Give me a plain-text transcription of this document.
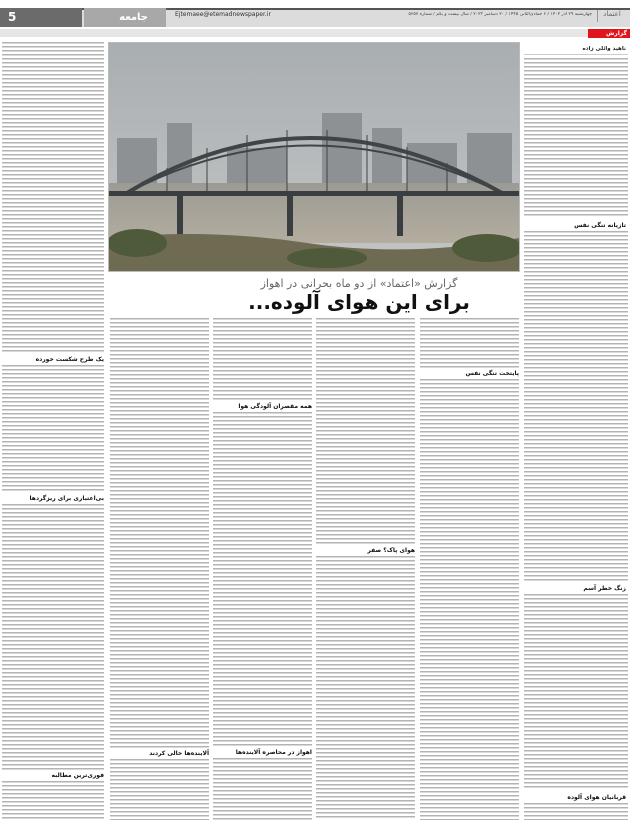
5	جامعه	Ejtemaee@etemadnewspaper.ir	چهارشنبه ۲۹ آذر ۱۴۰۲ / ۶ جمادی‌الثانی ۱۴۴۵ / ۲۰ دسامبر ۲۰۲۳ / سال بیست و یکم / شماره ۵۶۵۷	اعتماد
گزارش
گزارش «اعتماد» از دو ماه بحرانی در اهواز
برای این هوای آلوده...
ناهید وائلی زاده
تازیانه تنگی نفس
زنگ خطر آسم
قربانیان هوای آلوده
یک طرح شکست خورده
بی‌اعتباری برای ریزگردها
فوری‌ترین مطالبه
پایتخت تنگی نفس
هوای پاک؟ صفر
همه مقصران آلودگی هوا
اهواز در محاصره آلاینده‌ها
آلاینده‌ها خالی کردند
